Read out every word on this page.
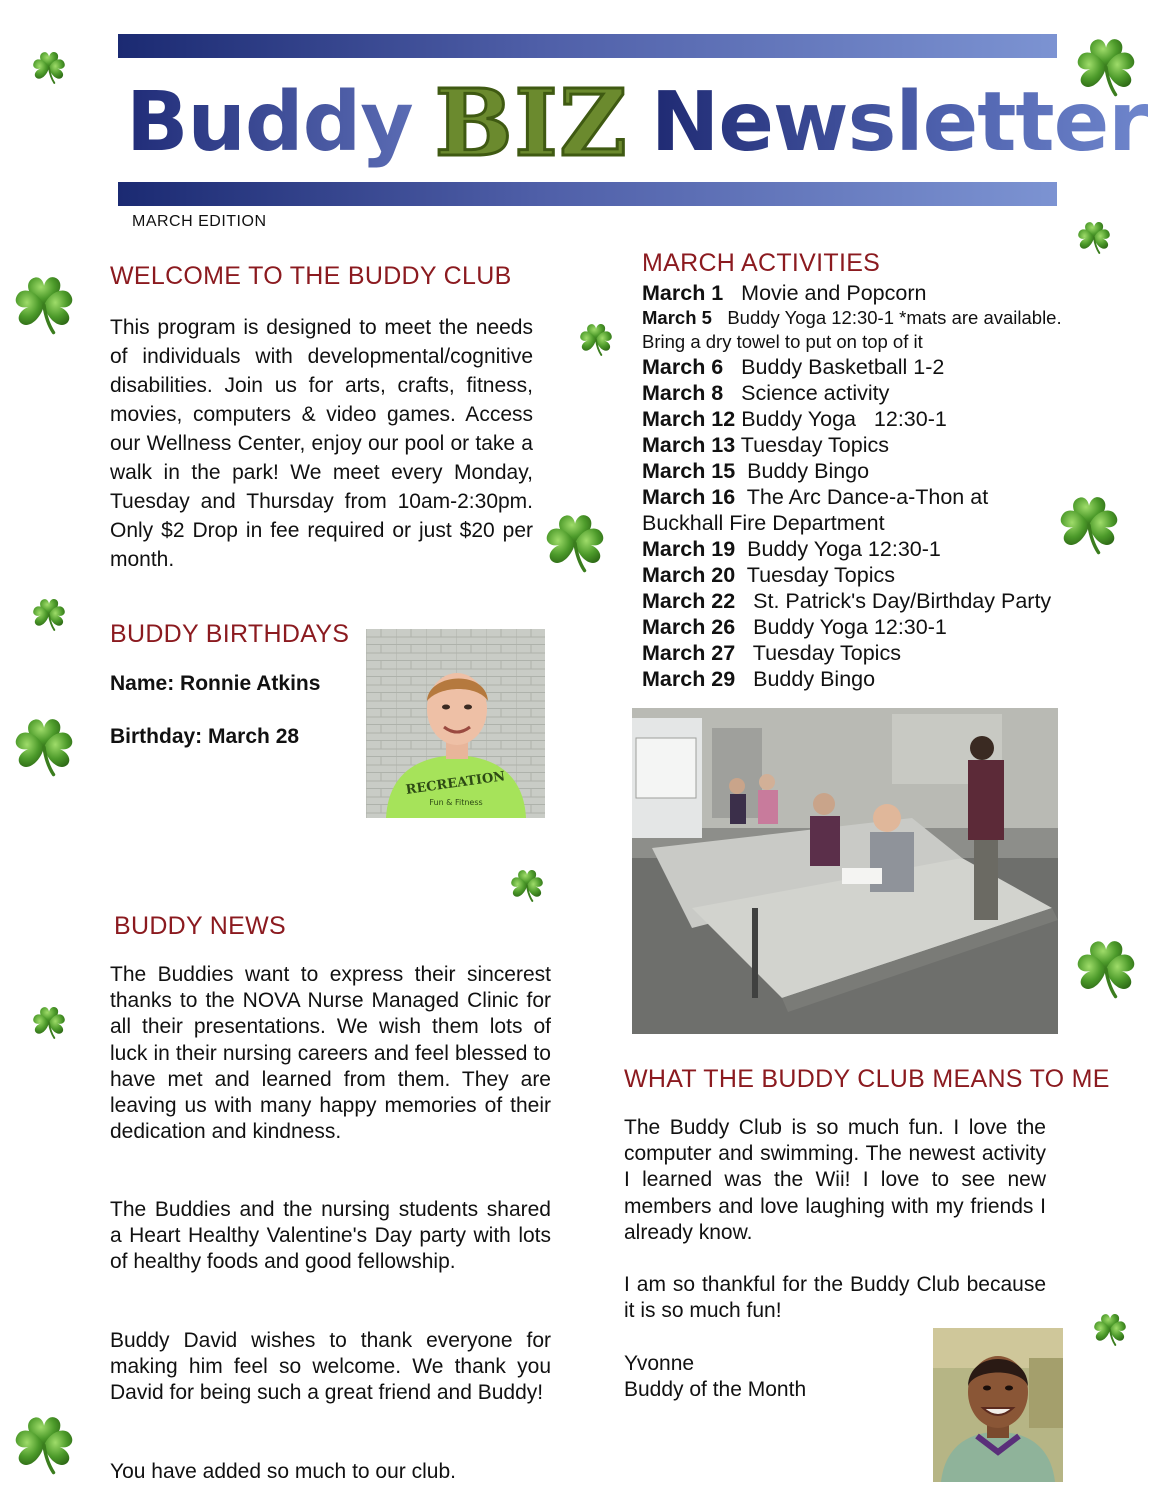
Buddy BIZ Newsletter
MARCH EDITION
WELCOME TO THE BUDDY CLUB
This program is designed to meet the needs of individuals with developmental/cognitive disabilities. Join us for arts, crafts, fitness, movies, computers & video games. Access our Wellness Center, enjoy our pool or take a walk in the park! We meet every Monday, Tuesday and Thursday from 10am-2:30pm. Only $2 Drop in fee required or just $20 per month.
BUDDY BIRTHDAYS
Name: Ronnie Atkins
Birthday: March 28
RECREATION
Fun & Fitness
BUDDY NEWS
The Buddies want to express their sincerest thanks to the NOVA Nurse Managed Clinic for all their presentations. We wish them lots of luck in their nursing careers and feel blessed to have met and learned from them. They are leaving us with many happy memories of their dedication and kindness.
The Buddies and the nursing students shared a Heart Healthy Valentine's Day party with lots of healthy foods and good fellowship.
Buddy David wishes to thank everyone for making him feel so welcome. We thank you David for being such a great friend and Buddy!
You have added so much to our club.
MARCH ACTIVITIES
March 1   Movie and Popcorn
March 5   Buddy Yoga 12:30-1 *mats are available. Bring a dry towel to put on top of it
March 6   Buddy Basketball 1-2
March 8   Science activity
March 12 Buddy Yoga   12:30-1
March 13 Tuesday Topics
March 15  Buddy Bingo
March 16  The Arc Dance-a-Thon at Buckhall Fire Department
March 19  Buddy Yoga 12:30-1
March 20  Tuesday Topics
March 22   St. Patrick's Day/Birthday Party
March 26   Buddy Yoga 12:30-1
March 27   Tuesday Topics
March 29   Buddy Bingo
WHAT THE BUDDY CLUB MEANS TO ME
The Buddy Club is so much fun. I love the computer and swimming. The newest activity I learned was the Wii! I love to see new members and love laughing with my friends I already know.
I am so thankful for the Buddy Club because it is so much fun!
Yvonne
Buddy of the Month
